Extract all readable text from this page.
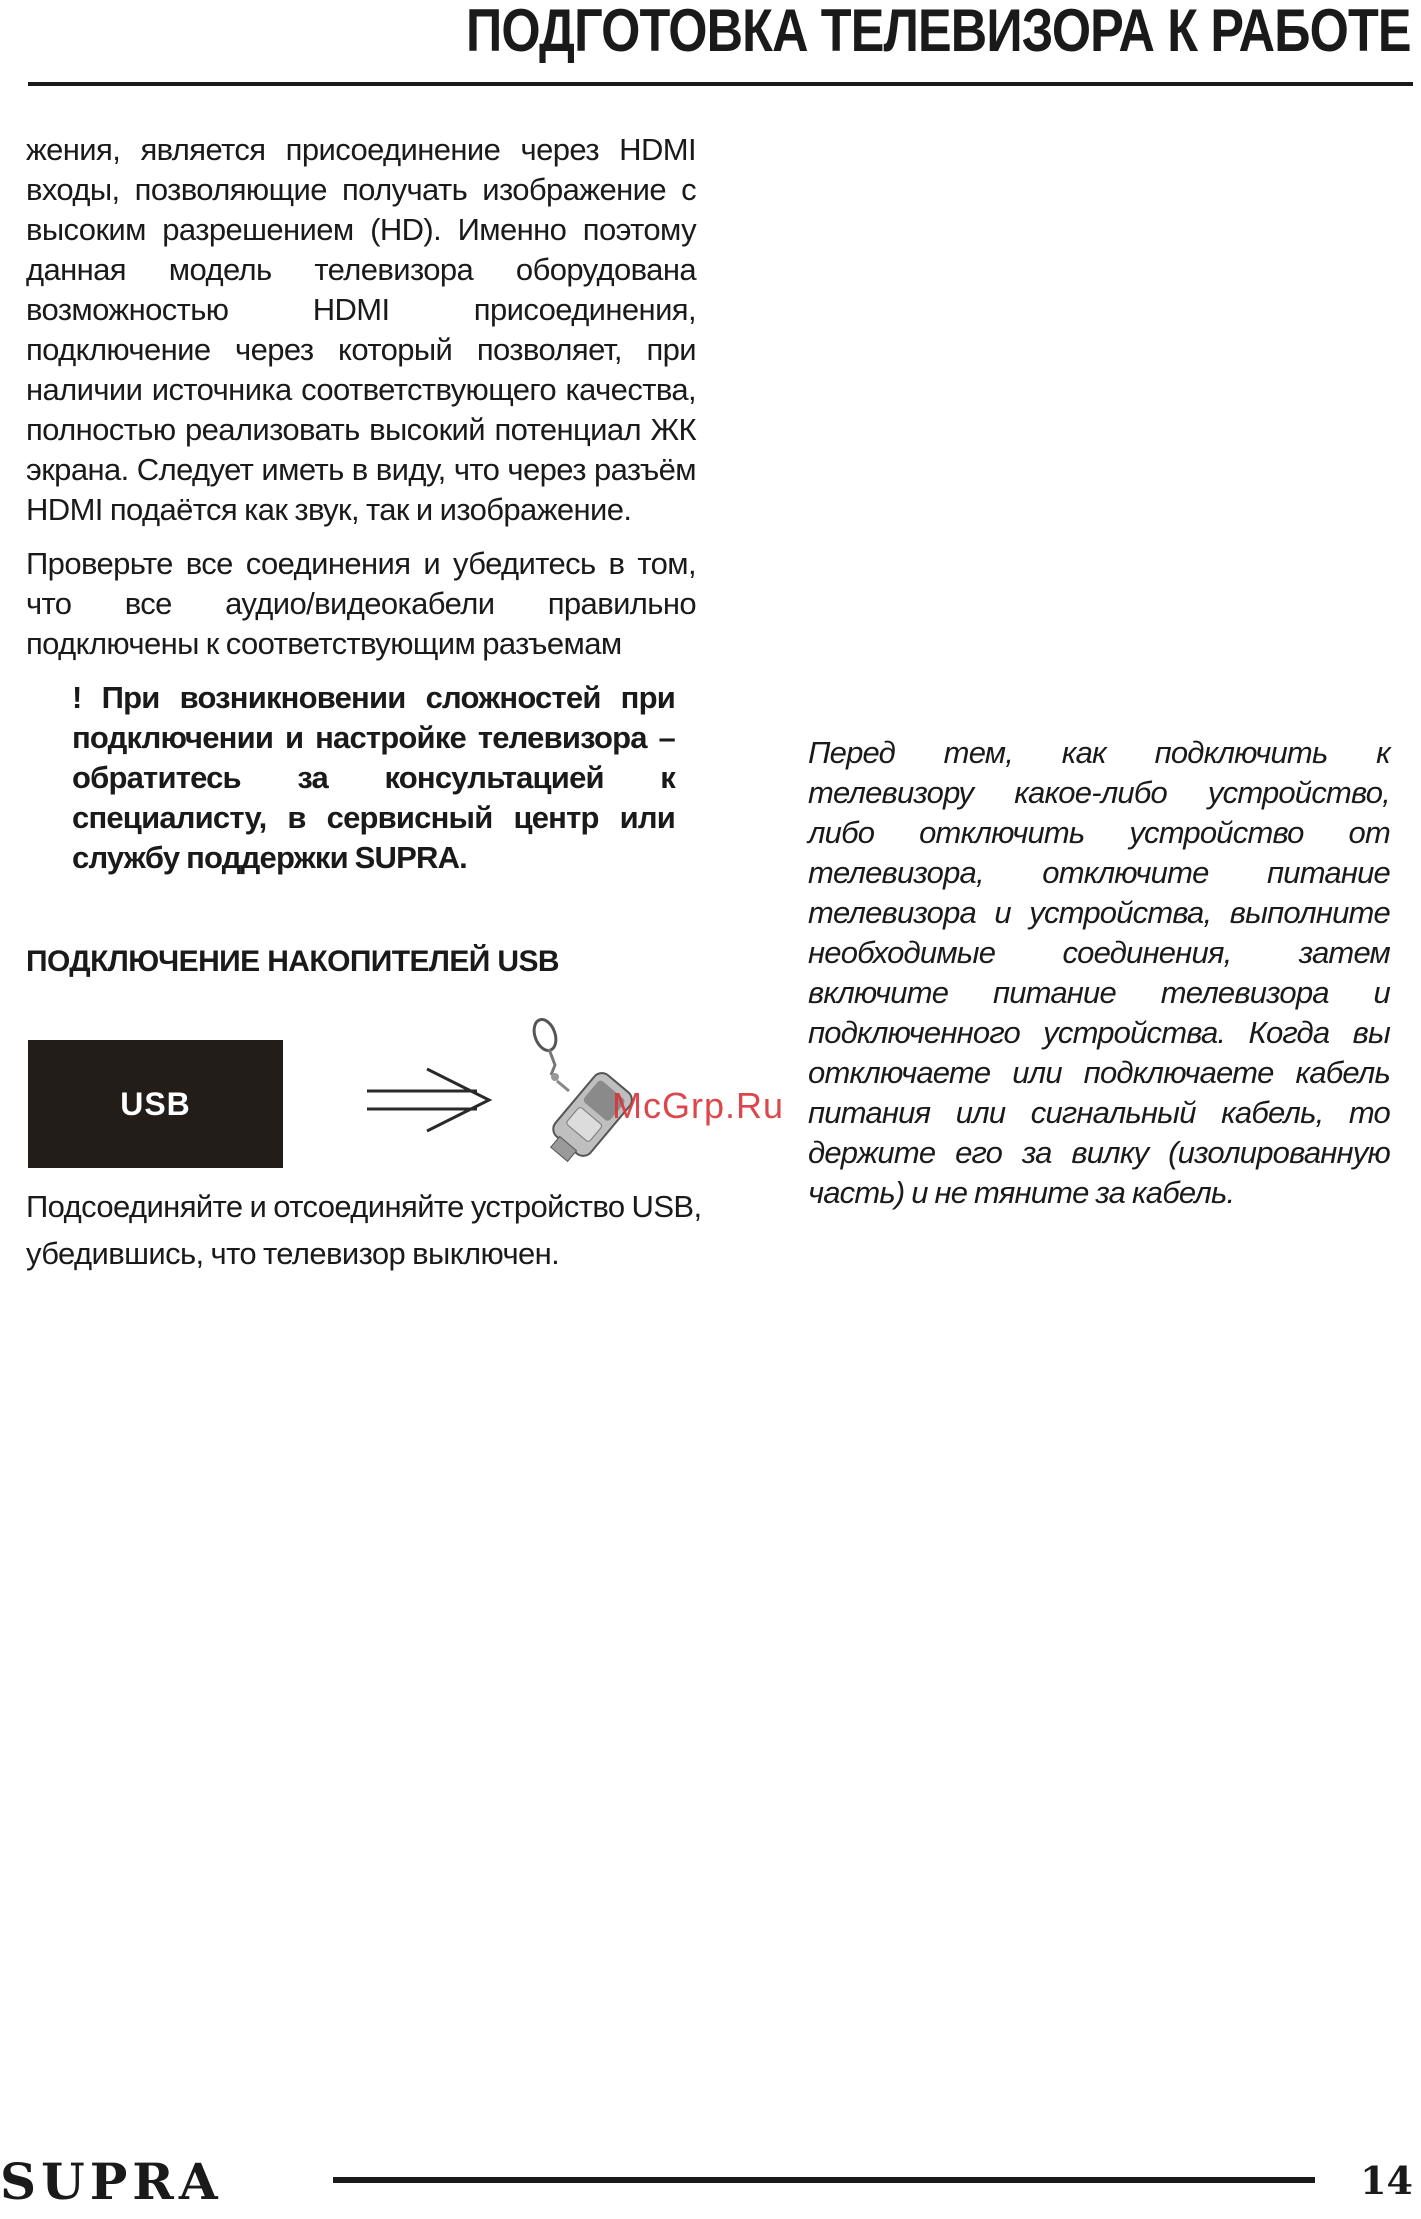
ПОДГОТОВКА ТЕЛЕВИЗОРА К РАБОТЕ

жения, является присоединение через HDMI входы, позволяющие получать изображение с высоким разрешением (HD). Именно поэтому данная модель телевизора оборудована возможностью HDMI присоединения, подключение через который позволяет, при наличии источника соответствующего качества, полностью реализовать высокий потенциал ЖК экрана. Следует иметь в виду, что через разъём HDMI подаётся как звук, так и изображение.

Проверьте все соединения и убедитесь в том, что все аудио/видеокабели правильно подключены к соответствующим разъемам

! При возникновении сложностей при подключении и настройке телевизора – обратитесь за консультацией к специалисту, в сервисный центр или службу поддержки SUPRA.

ПОДКЛЮЧЕНИЕ НАКОПИТЕЛЕЙ USB
USB
Подсоединяйте и отсоединяйте устройство USB, убедившись, что телевизор выключен.
McGrp.Ru

Перед тем, как подключить к телевизору какое-либо устройство, либо отключить устройство от телевизора, отключите питание телевизора и устройства, выполните необходимые соединения, затем включите питание телевизора и подключенного устройства. Когда вы отключаете или подключаете кабель питания или сигнальный кабель, то держите его за вилку (изолированную часть) и не тяните за кабель.

SUPRA	14
